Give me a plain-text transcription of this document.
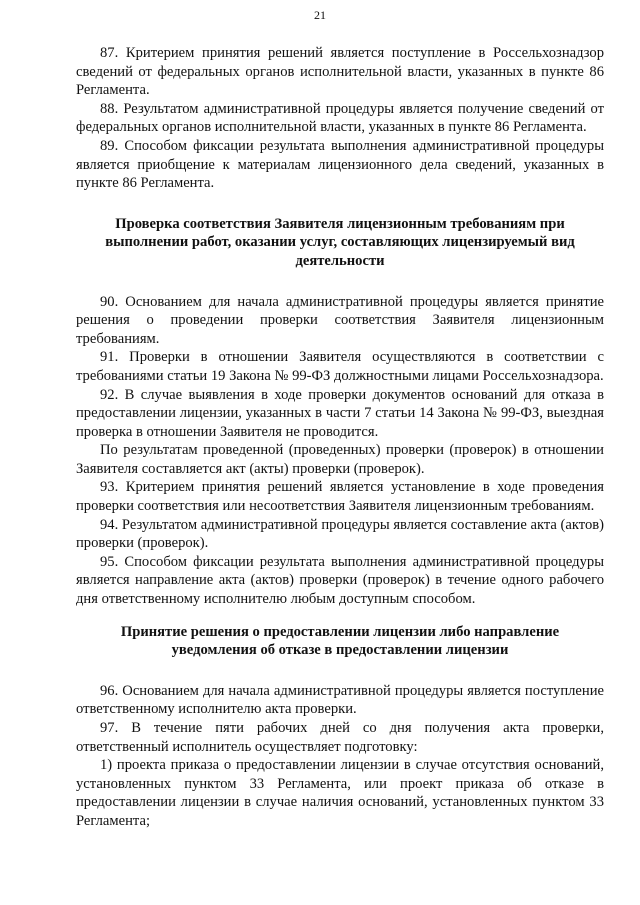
21

87. Критерием принятия решений является поступление в Россельхознадзор сведений от федеральных органов исполнительной власти, указанных в пункте 86 Регламента.

88. Результатом административной процедуры является получение сведений от федеральных органов исполнительной власти, указанных в пункте 86 Регламента.

89. Способом фиксации результата выполнения административной процедуры является приобщение к материалам лицензионного дела сведений, указанных в пункте 86 Регламента.

Проверка соответствия Заявителя лицензионным требованиям при
выполнении работ, оказании услуг, составляющих лицензируемый вид
деятельности

90. Основанием для начала административной процедуры является принятие решения о проведении проверки соответствия Заявителя лицензионным требованиям.

91. Проверки в отношении Заявителя осуществляются в соответствии с требованиями статьи 19 Закона № 99-ФЗ должностными лицами Россельхознадзора.

92. В случае выявления в ходе проверки документов оснований для отказа в предоставлении лицензии, указанных в части 7 статьи 14 Закона № 99-ФЗ, выездная проверка в отношении Заявителя не проводится.

По результатам проведенной (проведенных) проверки (проверок) в отношении Заявителя составляется акт (акты) проверки (проверок).

93. Критерием принятия решений является установление в ходе проведения проверки соответствия или несоответствия Заявителя лицензионным требованиям.

94. Результатом административной процедуры является составление акта (актов) проверки (проверок).

95. Способом фиксации результата выполнения административной процедуры является направление акта (актов) проверки (проверок) в течение одного рабочего дня ответственному исполнителю любым доступным способом.

Принятие решения о предоставлении лицензии либо направление
уведомления об отказе в предоставлении лицензии

96. Основанием для начала административной процедуры является поступление ответственному исполнителю акта проверки.

97. В течение пяти рабочих дней со дня получения акта проверки, ответственный исполнитель осуществляет подготовку:

1) проекта приказа о предоставлении лицензии в случае отсутствия оснований, установленных пунктом 33 Регламента, или проект приказа об отказе в предоставлении лицензии в случае наличия оснований, установленных пунктом 33 Регламента;
